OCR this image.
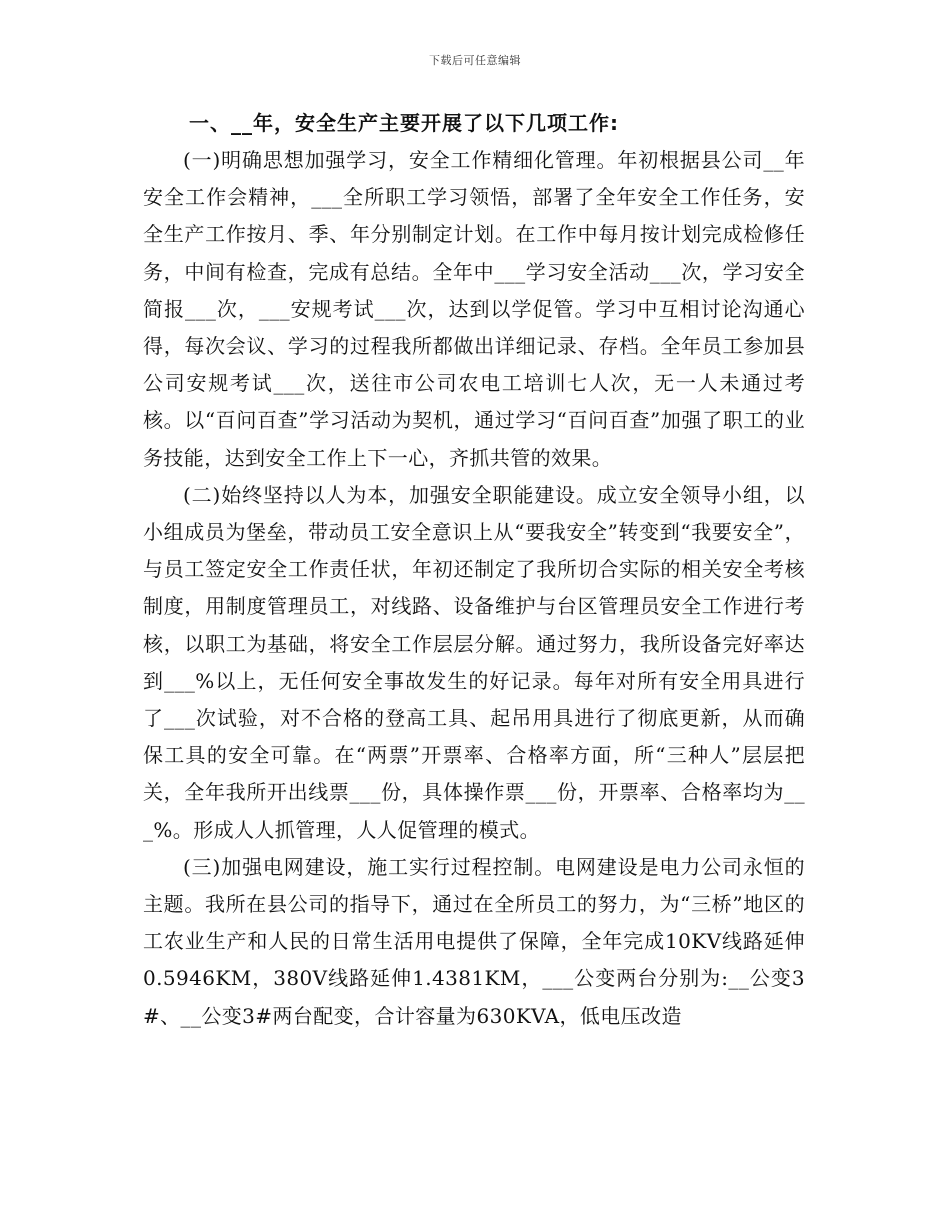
下载后可任意编辑

一、__年，安全生产主要开展了以下几项工作:

(一)明确思想加强学习，安全工作精细化管理。年初根据县公司__年安全工作会精神，___全所职工学习领悟，部署了全年安全工作任务，安全生产工作按月、季、年分别制定计划。在工作中每月按计划完成检修任务，中间有检查，完成有总结。全年中___学习安全活动___次，学习安全简报___次，___安规考试___次，达到以学促管。学习中互相讨论沟通心得，每次会议、学习的过程我所都做出详细记录、存档。全年员工参加县公司安规考试___次，送往市公司农电工培训七人次，无一人未通过考核。以“百问百查”学习活动为契机，通过学习“百问百查”加强了职工的业务技能，达到安全工作上下一心，齐抓共管的效果。

(二)始终坚持以人为本，加强安全职能建设。成立安全领导小组，以小组成员为堡垒，带动员工安全意识上从“要我安全”转变到“我要安全”，与员工签定安全工作责任状，年初还制定了我所切合实际的相关安全考核制度，用制度管理员工，对线路、设备维护与台区管理员安全工作进行考核，以职工为基础，将安全工作层层分解。通过努力，我所设备完好率达到___%以上，无任何安全事故发生的好记录。每年对所有安全用具进行了___次试验，对不合格的登高工具、起吊用具进行了彻底更新，从而确保工具的安全可靠。在“两票”开票率、合格率方面，所“三种人”层层把关，全年我所开出线票___份，具体操作票___份，开票率、合格率均为___%。形成人人抓管理，人人促管理的模式。

(三)加强电网建设，施工实行过程控制。电网建设是电力公司永恒的主题。我所在县公司的指导下，通过在全所员工的努力，为“三桥”地区的工农业生产和人民的日常生活用电提供了保障，全年完成10KV线路延伸0.5946KM，380V线路延伸1.4381KM，___公变两台分别为:__公变3#、__公变3#两台配变，合计容量为630KVA，低电压改造
